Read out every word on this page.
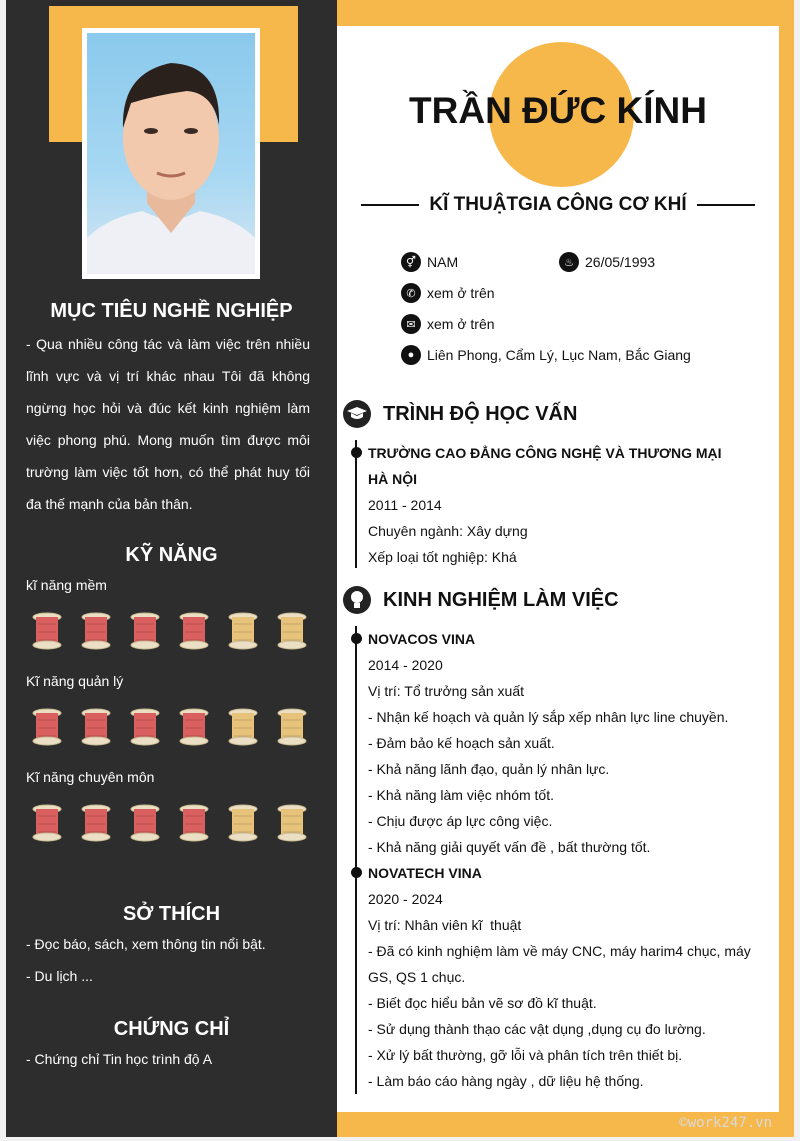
MỤC TIÊU NGHỀ NGHIỆP
- Qua nhiều công tác và làm việc trên nhiều lĩnh vực và vị trí khác nhau Tôi đã không ngừng học hỏi và đúc kết kinh nghiệm làm việc phong phú. Mong muốn tìm được môi trường làm việc tốt hơn, có thể phát huy tối đa thế mạnh của bản thân.
KỸ NĂNG
kĩ năng mềm
Kĩ năng quản lý
Kĩ năng chuyên môn
SỞ THÍCH
- Đọc báo, sách, xem thông tin nổi bật.
- Du lịch ...
CHỨNG CHỈ
- Chứng chỉ Tin học trình độ A
TRẦN ĐỨC KÍNH
KĨ THUẬTGIA CÔNG CƠ KHÍ
⚥ NAM	♨ 26/05/1993
✆ xem ở trên
✉ xem ở trên
● Liên Phong, Cẩm Lý, Lục Nam, Bắc Giang
TRÌNH ĐỘ HỌC VẤN
TRƯỜNG CAO ĐẲNG CÔNG NGHỆ VÀ THƯƠNG MẠI
HÀ NỘI
2011 - 2014
Chuyên ngành: Xây dựng
Xếp loại tốt nghiệp: Khá
KINH NGHIỆM LÀM VIỆC
NOVACOS VINA
2014 - 2020
Vị trí: Tổ trưởng sản xuất
- Nhận kế hoạch và quản lý sắp xếp nhân lực line chuyền.
- Đảm bảo kế hoạch sản xuất.
- Khả năng lãnh đạo, quản lý nhân lực.
- Khả năng làm việc nhóm tốt.
- Chịu được áp lực công việc.
- Khả năng giải quyết vấn đề , bất thường tốt.
NOVATECH VINA
2020 - 2024
Vị trí: Nhân viên kĩ  thuật
- Đã có kinh nghiệm làm về máy CNC, máy harim4 chục, máy GS, QS 1 chục.
- Biết đọc hiểu bản vẽ sơ đồ kĩ thuật.
- Sử dụng thành thạo các vật dụng ,dụng cụ đo lường.
- Xử lý bất thường, gỡ lỗi và phân tích trên thiết bị.
- Làm báo cáo hàng ngày , dữ liệu hệ thống.
©work247.vn
